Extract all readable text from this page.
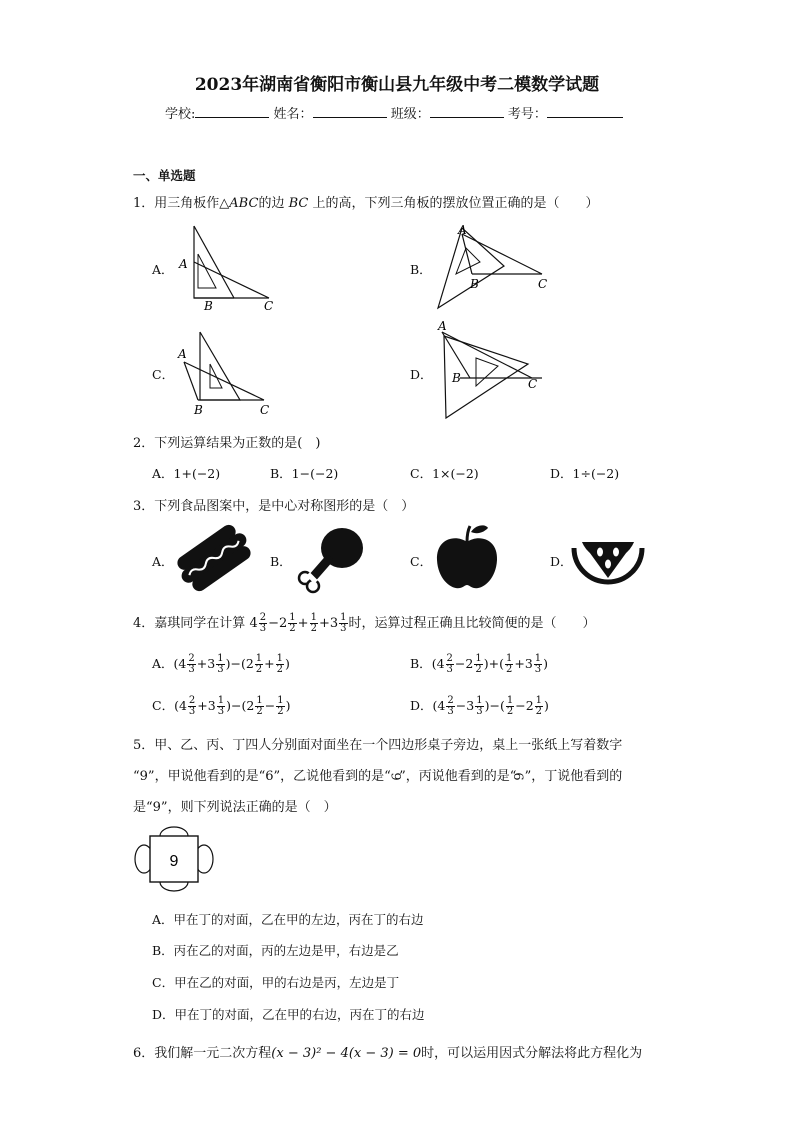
2023年湖南省衡阳市衡山县九年级中考二模数学试题
学校:	姓名：	班级：	考号：
一、单选题
1．用三角板作△ABC的边 BC 上的高，下列三角板的摆放位置正确的是（　　）
A． A
B	C
B．
A
B	C
C．
A
B	C
D．
A
B	C
2．下列运算结果为正数的是(　)
A．1+(−2)	B．1−(−2)	C．1×(−2)	D．1÷(−2)
3．下列食品图案中，是中心对称图形的是（　）
A．	B．	C．	D．
4．嘉琪同学在计算 $4 \frac{2}{3} -2 \frac{1}{2} + \frac{1}{2} +3 \frac{1}{3}$ 时，运算过程正确且比较简便的是（　　）
A．$(4 \frac{2}{3} +3 \frac{1}{3} )-(2 \frac{1}{2} + \frac{1}{2}$ )	B．($4 \frac{2}{3} -2 \frac{1}{2}$ )+( $\frac{1}{2} +3 \frac{1}{3}$ )
C．$(4 \frac{2}{3} +3 \frac{1}{3} )-(2 \frac{1}{2} - \frac{1}{2}$ )	D．($4 \frac{2}{3} -3 \frac{1}{3}$ )−( $\frac{1}{2} -2 \frac{1}{2}$ )
5．甲、乙、丙、丁四人分别面对面坐在一个四边形桌子旁边，桌上一张纸上写着数字
“9”，甲说他看到的是“6”，乙说他看到的是“9”，丙说他看到的是“9”，丁说他看到的
是“9”，则下列说法正确的是（　）
9
A．甲在丁的对面，乙在甲的左边，丙在丁的右边
B．丙在乙的对面，丙的左边是甲，右边是乙
C．甲在乙的对面，甲的右边是丙，左边是丁
D．甲在丁的对面，乙在甲的右边，丙在丁的右边
6．我们解一元二次方程(x − 3)² − 4(x − 3) = 0时，可以运用因式分解法将此方程化为
